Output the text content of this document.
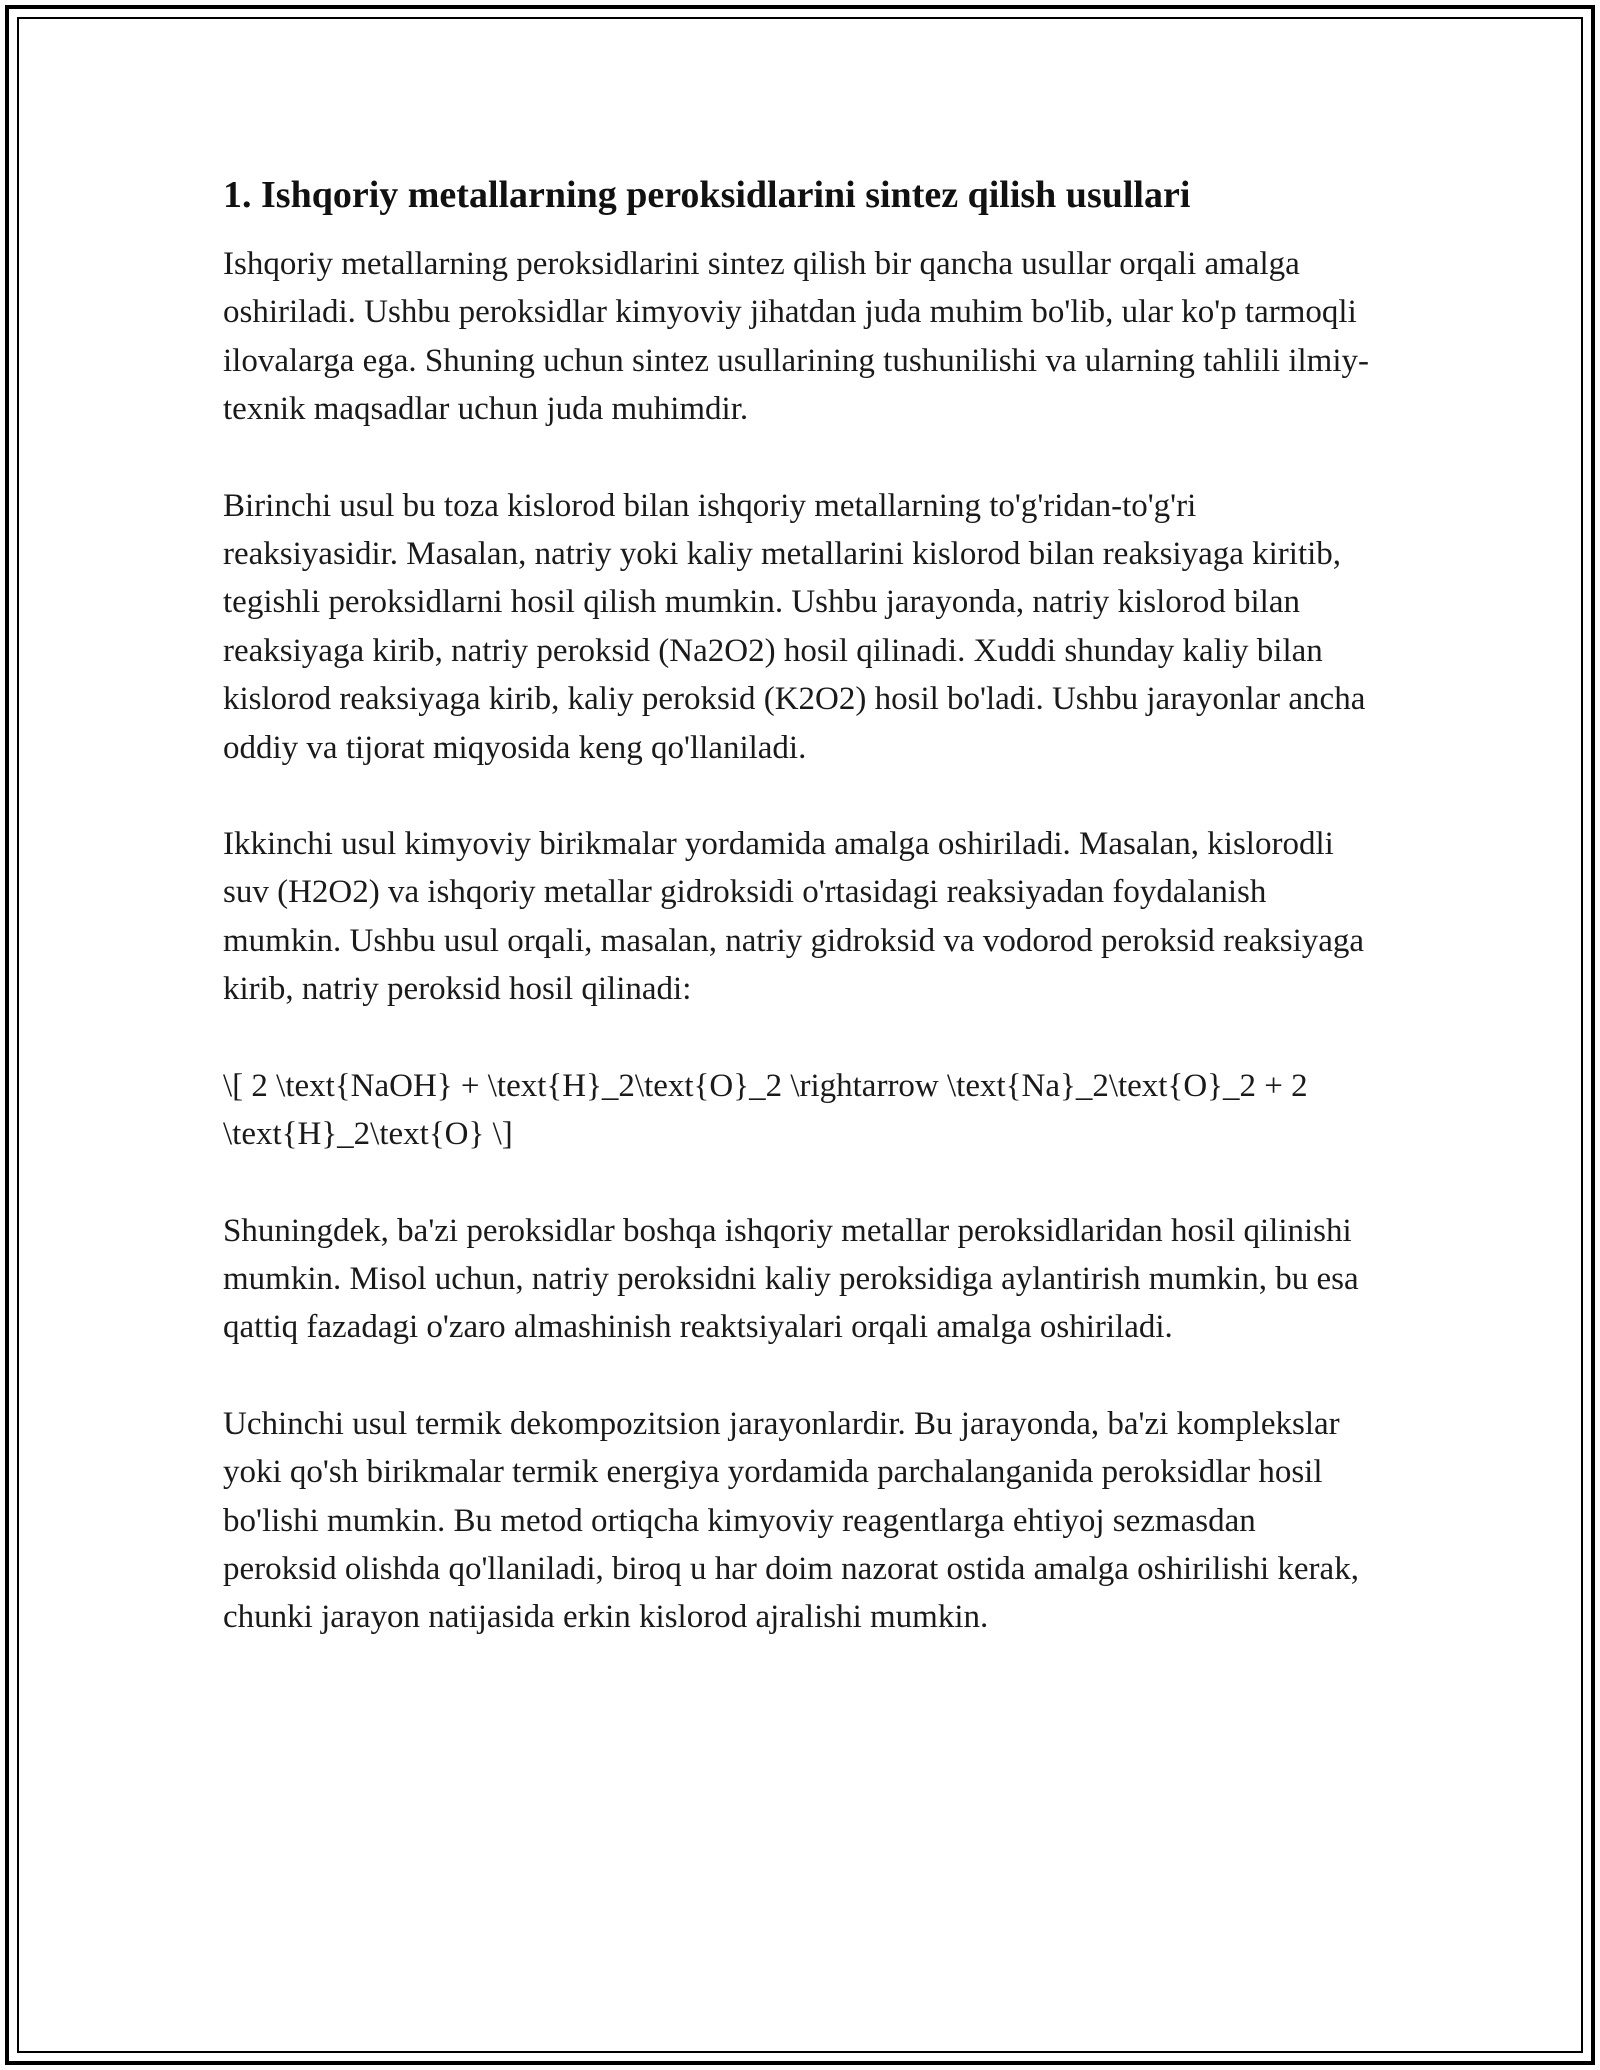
1. Ishqoriy metallarning peroksidlarini sintez qilish usullari

Ishqoriy metallarning peroksidlarini sintez qilish bir qancha usullar orqali amalga oshiriladi. Ushbu peroksidlar kimyoviy jihatdan juda muhim bo'lib, ular ko'p tarmoqli ilovalarga ega. Shuning uchun sintez usullarining tushunilishi va ularning tahlili ilmiy-texnik maqsadlar uchun juda muhimdir.

Birinchi usul bu toza kislorod bilan ishqoriy metallarning to'g'ridan-to'g'ri reaksiyasidir. Masalan, natriy yoki kaliy metallarini kislorod bilan reaksiyaga kiritib, tegishli peroksidlarni hosil qilish mumkin. Ushbu jarayonda, natriy kislorod bilan reaksiyaga kirib, natriy peroksid (Na2O2) hosil qilinadi. Xuddi shunday kaliy bilan kislorod reaksiyaga kirib, kaliy peroksid (K2O2) hosil bo'ladi. Ushbu jarayonlar ancha oddiy va tijorat miqyosida keng qo'llaniladi.

Ikkinchi usul kimyoviy birikmalar yordamida amalga oshiriladi. Masalan, kislorodli suv (H2O2) va ishqoriy metallar gidroksidi o'rtasidagi reaksiyadan foydalanish mumkin. Ushbu usul orqali, masalan, natriy gidroksid va vodorod peroksid reaksiyaga kirib, natriy peroksid hosil qilinadi:

\[ 2 \text{NaOH} + \text{H}_2\text{O}_2 \rightarrow \text{Na}_2\text{O}_2 + 2 \text{H}_2\text{O} \]

Shuningdek, ba'zi peroksidlar boshqa ishqoriy metallar peroksidlaridan hosil qilinishi mumkin. Misol uchun, natriy peroksidni kaliy peroksidiga aylantirish mumkin, bu esa qattiq fazadagi o'zaro almashinish reaktsiyalari orqali amalga oshiriladi.

Uchinchi usul termik dekompozitsion jarayonlardir. Bu jarayonda, ba'zi komplekslar yoki qo'sh birikmalar termik energiya yordamida parchalanganida peroksidlar hosil bo'lishi mumkin. Bu metod ortiqcha kimyoviy reagentlarga ehtiyoj sezmasdan peroksid olishda qo'llaniladi, biroq u har doim nazorat ostida amalga oshirilishi kerak, chunki jarayon natijasida erkin kislorod ajralishi mumkin.
